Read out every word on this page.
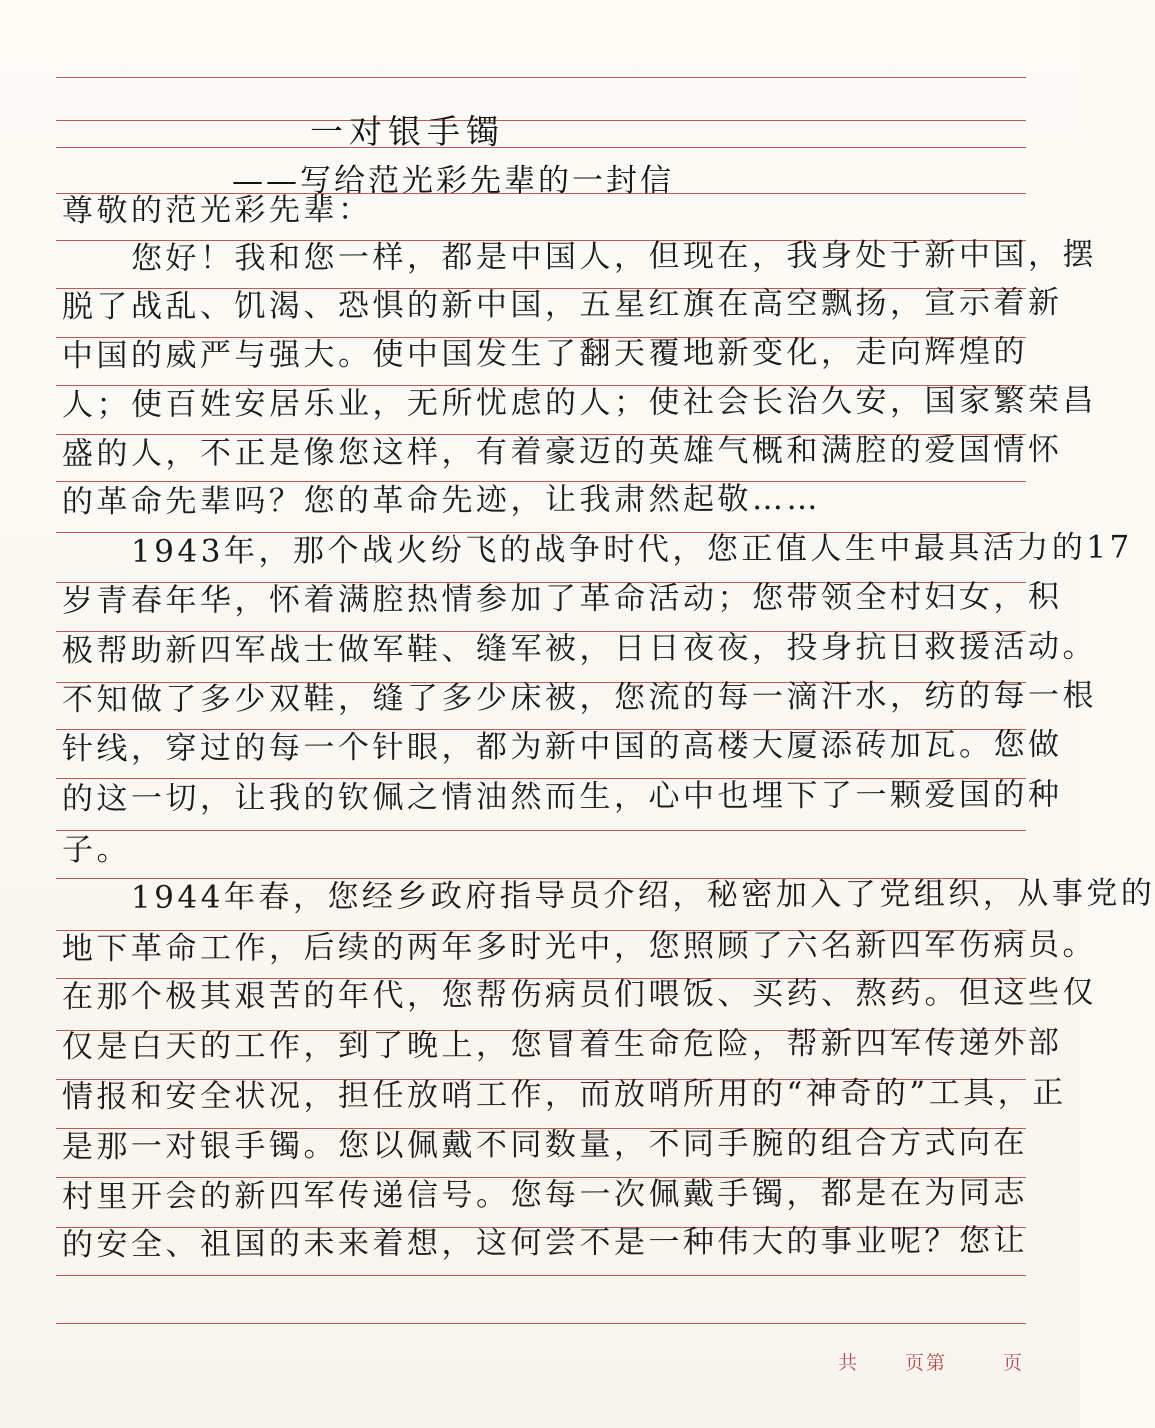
一对银手镯
——写给范光彩先辈的一封信
尊敬的范光彩先辈：
　　您好！我和您一样，都是中国人，但现在，我身处于新中国，摆
脱了战乱、饥渴、恐惧的新中国，五星红旗在高空飘扬，宣示着新
中国的威严与强大。使中国发生了翻天覆地新变化，走向辉煌的
人；使百姓安居乐业，无所忧虑的人；使社会长治久安，国家繁荣昌
盛的人，不正是像您这样，有着豪迈的英雄气概和满腔的爱国情怀
的革命先辈吗？您的革命先迹，让我肃然起敬……
　　1943年，那个战火纷飞的战争时代，您正值人生中最具活力的17
岁青春年华，怀着满腔热情参加了革命活动；您带领全村妇女，积
极帮助新四军战士做军鞋、缝军被，日日夜夜，投身抗日救援活动。
不知做了多少双鞋，缝了多少床被，您流的每一滴汗水，纺的每一根
针线，穿过的每一个针眼，都为新中国的高楼大厦添砖加瓦。您做
的这一切，让我的钦佩之情油然而生，心中也埋下了一颗爱国的种
子。
　　1944年春，您经乡政府指导员介绍，秘密加入了党组织，从事党的
地下革命工作，后续的两年多时光中，您照顾了六名新四军伤病员。
在那个极其艰苦的年代，您帮伤病员们喂饭、买药、熬药。但这些仅
仅是白天的工作，到了晚上，您冒着生命危险，帮新四军传递外部
情报和安全状况，担任放哨工作，而放哨所用的“神奇的”工具，正
是那一对银手镯。您以佩戴不同数量，不同手腕的组合方式向在
村里开会的新四军传递信号。您每一次佩戴手镯，都是在为同志
的安全、祖国的未来着想，这何尝不是一种伟大的事业呢？您让
共 页第	页
